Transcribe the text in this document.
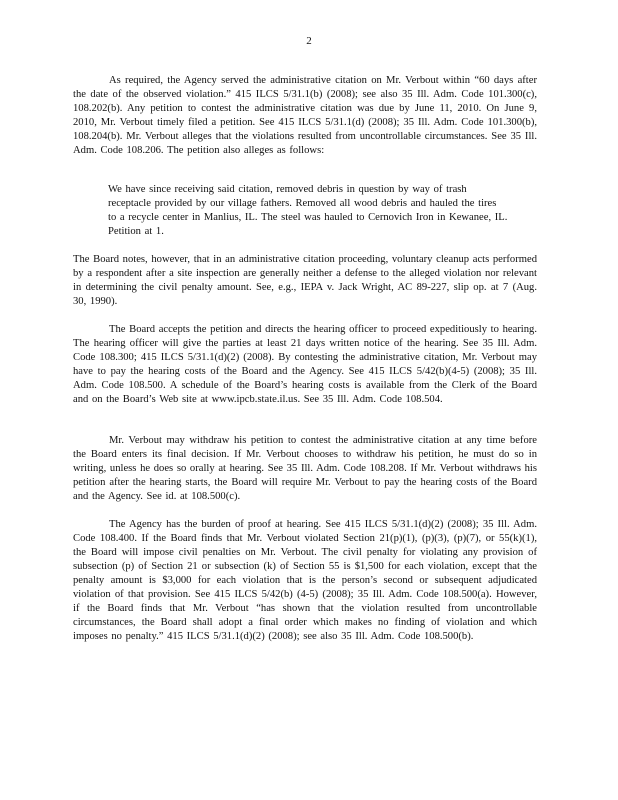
2

As required, the Agency served the administrative citation on Mr. Verbout within “60 days after the date of the observed violation.” 415 ILCS 5/31.1(b) (2008); see also 35 Ill. Adm. Code 101.300(c), 108.202(b). Any petition to contest the administrative citation was due by June 11, 2010. On June 9, 2010, Mr. Verbout timely filed a petition. See 415 ILCS 5/31.1(d) (2008); 35 Ill. Adm. Code 101.300(b), 108.204(b). Mr. Verbout alleges that the violations resulted from uncontrollable circumstances. See 35 Ill. Adm. Code 108.206. The petition also alleges as follows:

We have since receiving said citation, removed debris in question by way of trash receptacle provided by our village fathers. Removed all wood debris and hauled the tires to a recycle center in Manlius, IL. The steel was hauled to Cernovich Iron in Kewanee, IL. Petition at 1.

The Board notes, however, that in an administrative citation proceeding, voluntary cleanup acts performed by a respondent after a site inspection are generally neither a defense to the alleged violation nor relevant in determining the civil penalty amount. See, e.g., IEPA v. Jack Wright, AC 89-227, slip op. at 7 (Aug. 30, 1990).

The Board accepts the petition and directs the hearing officer to proceed expeditiously to hearing. The hearing officer will give the parties at least 21 days written notice of the hearing. See 35 Ill. Adm. Code 108.300; 415 ILCS 5/31.1(d)(2) (2008). By contesting the administrative citation, Mr. Verbout may have to pay the hearing costs of the Board and the Agency. See 415 ILCS 5/42(b)(4-5) (2008); 35 Ill. Adm. Code 108.500. A schedule of the Board’s hearing costs is available from the Clerk of the Board and on the Board’s Web site at www.ipcb.state.il.us. See 35 Ill. Adm. Code 108.504.

Mr. Verbout may withdraw his petition to contest the administrative citation at any time before the Board enters its final decision. If Mr. Verbout chooses to withdraw his petition, he must do so in writing, unless he does so orally at hearing. See 35 Ill. Adm. Code 108.208. If Mr. Verbout withdraws his petition after the hearing starts, the Board will require Mr. Verbout to pay the hearing costs of the Board and the Agency. See id. at 108.500(c).

The Agency has the burden of proof at hearing. See 415 ILCS 5/31.1(d)(2) (2008); 35 Ill. Adm. Code 108.400. If the Board finds that Mr. Verbout violated Section 21(p)(1), (p)(3), (p)(7), or 55(k)(1), the Board will impose civil penalties on Mr. Verbout. The civil penalty for violating any provision of subsection (p) of Section 21 or subsection (k) of Section 55 is $1,500 for each violation, except that the penalty amount is $3,000 for each violation that is the person’s second or subsequent adjudicated violation of that provision. See 415 ILCS 5/42(b) (4-5) (2008); 35 Ill. Adm. Code 108.500(a). However, if the Board finds that Mr. Verbout “has shown that the violation resulted from uncontrollable circumstances, the Board shall adopt a final order which makes no finding of violation and which imposes no penalty.” 415 ILCS 5/31.1(d)(2) (2008); see also 35 Ill. Adm. Code 108.500(b).
